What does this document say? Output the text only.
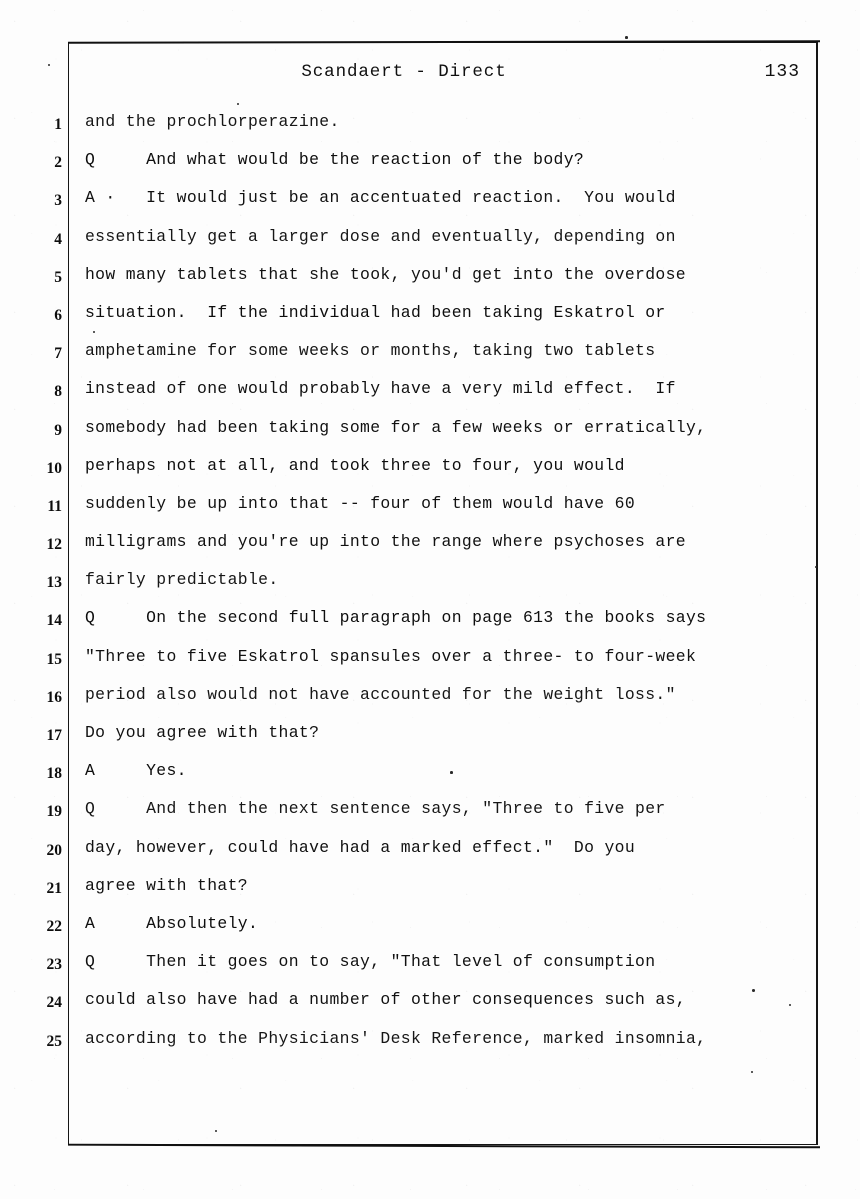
Scandaert - Direct	133
1 and the prochlorperazine.
2 Q     And what would be the reaction of the body?
3 A ·   It would just be an accentuated reaction.  You would
4 essentially get a larger dose and eventually, depending on
5 how many tablets that she took, you'd get into the overdose
6 situation.  If the individual had been taking Eskatrol or
7 amphetamine for some weeks or months, taking two tablets
8 instead of one would probably have a very mild effect.  If
9 somebody had been taking some for a few weeks or erratically,
10 perhaps not at all, and took three to four, you would
11 suddenly be up into that -- four of them would have 60
12 milligrams and you're up into the range where psychoses are
13 fairly predictable.
14 Q     On the second full paragraph on page 613 the books says
15 "Three to five Eskatrol spansules over a three- to four-week
16 period also would not have accounted for the weight loss."
17 Do you agree with that?
18 A     Yes.
19 Q     And then the next sentence says, "Three to five per
20 day, however, could have had a marked effect."  Do you
21 agree with that?
22 A     Absolutely.
23 Q     Then it goes on to say, "That level of consumption
24 could also have had a number of other consequences such as,
25 according to the Physicians' Desk Reference, marked insomnia,
